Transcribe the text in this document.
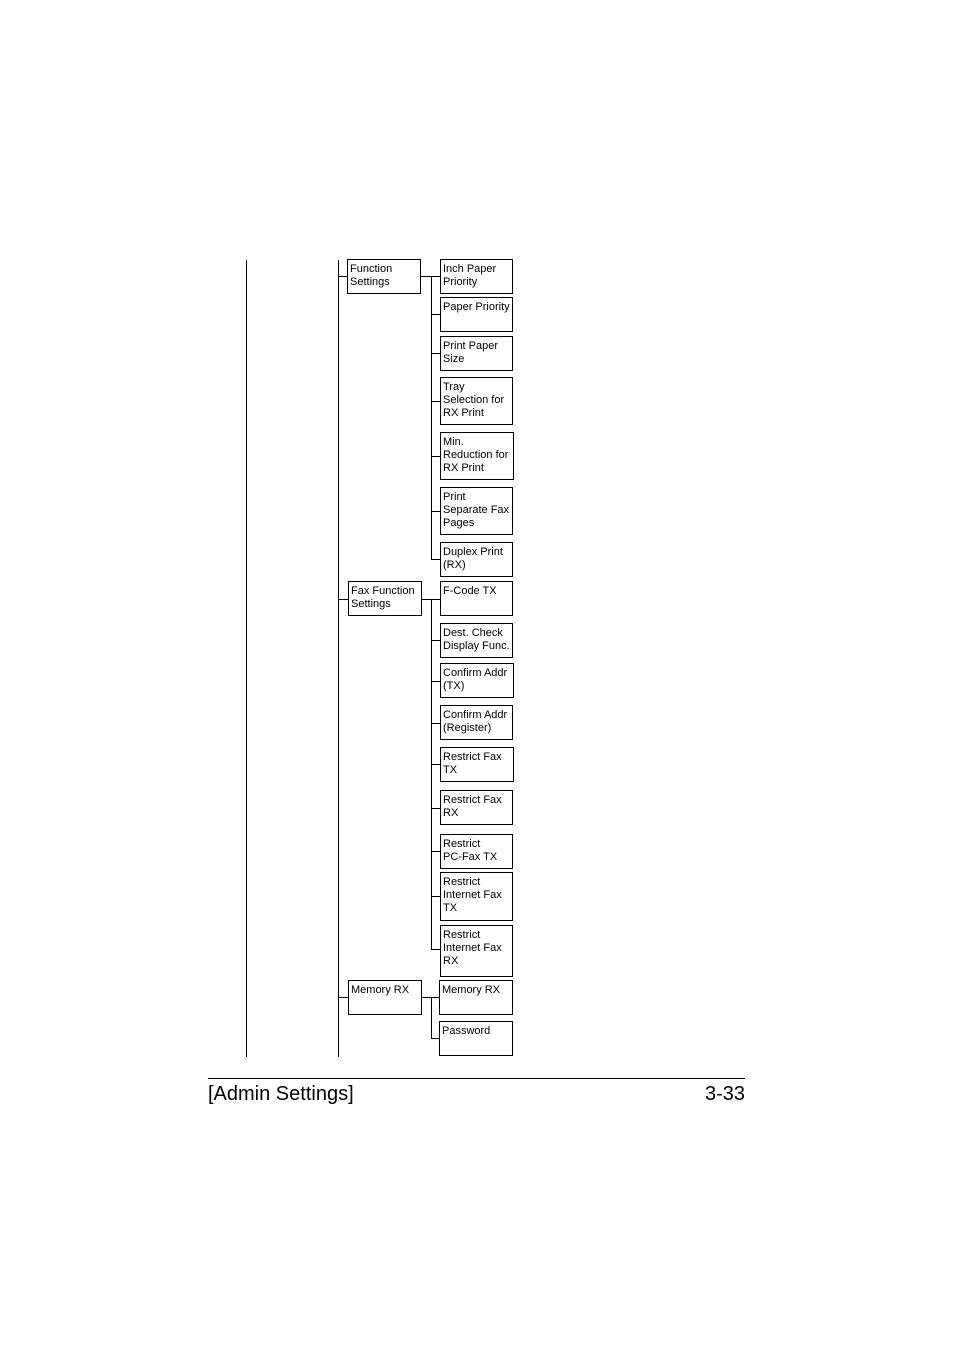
Function
Settings
Inch Paper
Priority
Paper Priority
Print Paper
Size
Tray
Selection for
RX Print
Min.
Reduction for
RX Print
Print
Separate Fax
Pages
Duplex Print
(RX)
Fax Function
Settings
F-Code TX
Dest. Check
Display Func.
Confirm Addr
(TX)
Confirm Addr
(Register)
Restrict Fax
TX
Restrict Fax
RX
Restrict
PC-Fax TX
Restrict
Internet Fax
TX
Restrict
Internet Fax
RX
Memory RX	Memory RX
Password
[Admin Settings]	3-33
